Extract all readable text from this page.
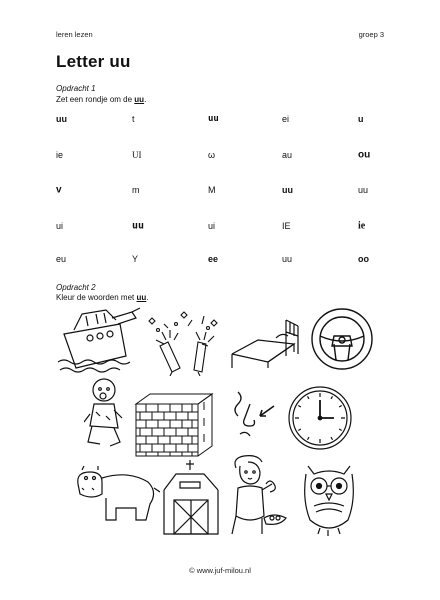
leren lezen	groep 3
Letter uu
Opdracht 1
Zet een rondje om de uu.
uu	t	uu	ei	u
ie	UI	ω	au	ou
v	m	M	uu	uu
ui	uu	ui	IE	ie
eu	Y	ee	uu	oo
Opdracht 2
Kleur de woorden met uu.
© www.juf-milou.nl
